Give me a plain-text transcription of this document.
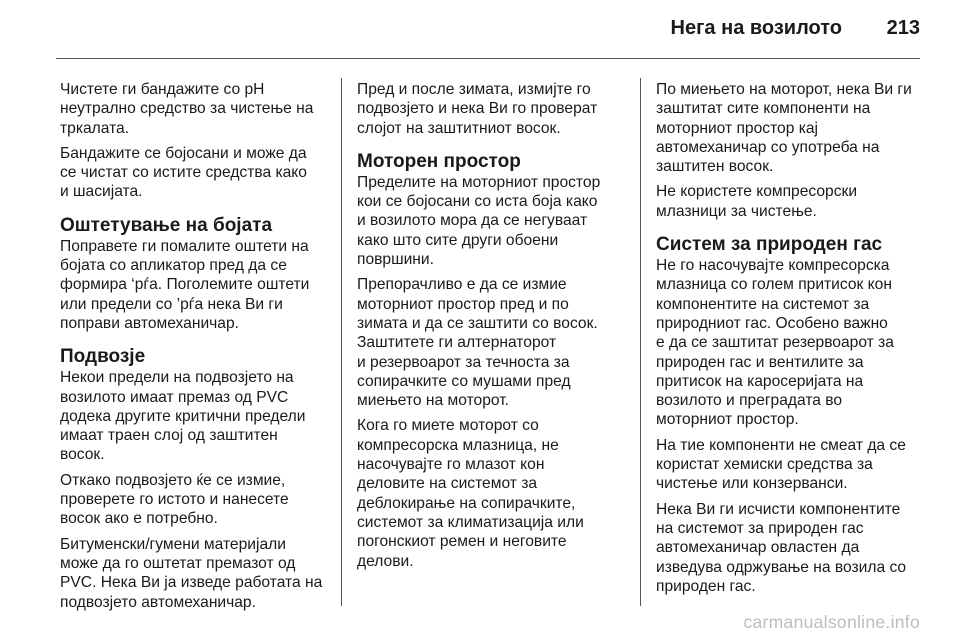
Нега на возилото 213

Чистете ги бандажите со pH
неутрално средство за чистење на
тркалата.

Бандажите се бојосани и може да
се чистат со истите средства како
и шасијата.

Оштетување на бојата

Поправете ги помалите оштети на
бојата со апликатор пред да се
формира ‘рѓа. Поголемите оштети
или предели со ’рѓа нека Ви ги
поправи автомеханичар.

Подвозје

Некои предели на подвозјето на
возилото имаат премаз од PVC
додека другите критични предели
имаат траен слој од заштитен
восок.

Откако подвозјето ќе се измие,
проверете го истото и нанесете
восок ако е потребно.

Битуменски/гумени материјали
може да го оштетат премазот од
PVC. Нека Ви ја изведе работата на
подвозјето автомеханичар.

Пред и после зимата, измијте го
подвозјето и нека Ви го проверат
слојот на заштитниот восок.

Моторен простор

Пределите на моторниот простор
кои се бојосани со иста боја како
и возилото мора да се негуваат
како што сите други обоени
површини.

Препорачливо е да се измие
моторниот простор пред и по
зимата и да се заштити со восок.
Заштитете ги алтернаторот
и резервоарот за течноста за
сопирачките со мушами пред
миењето на моторот.

Кога го миете моторот со
компресорска млазница, не
насочувајте го млазот кон
деловите на системот за
деблокирање на сопирачките,
системот за климатизација или
погонскиот ремен и неговите
делови.

По миењето на моторот, нека Ви ги
заштитат сите компоненти на
моторниот простор кај
автомеханичар со употреба на
заштитен восок.

Не користете компресорски
млазници за чистење.

Систем за природен гас

Не го насочувајте компресорска
млазница со голем притисок кон
компонентите на системот за
природниот гас. Особено важно
е да се заштитат резервоарот за
природен гас и вентилите за
притисок на каросеријата на
возилото и преградата во
моторниот простор.

На тие компоненти не смеат да се
користат хемиски средства за
чистење или конзерванси.

Нека Ви ги исчисти компонентите
на системот за природен гас
автомеханичар овластен да
изведува одржување на возила со
природен гас.

carmanualsonline.info
